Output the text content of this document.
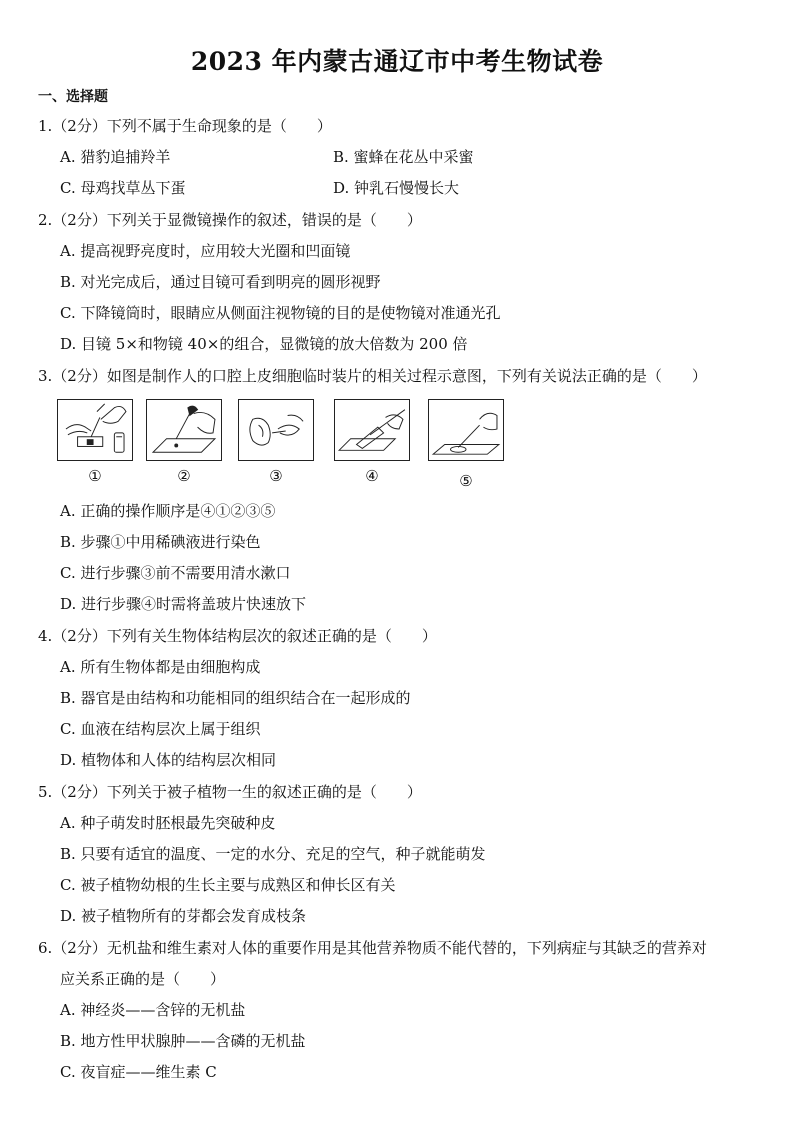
2023 年内蒙古通辽市中考生物试卷
一、选择题
1.（2分）下列不属于生命现象的是（　　）
A. 猎豹追捕羚羊	B. 蜜蜂在花丛中采蜜
C. 母鸡找草丛下蛋	D. 钟乳石慢慢长大
2.（2分）下列关于显微镜操作的叙述，错误的是（　　）
A. 提高视野亮度时，应用较大光圈和凹面镜
B. 对光完成后，通过目镜可看到明亮的圆形视野
C. 下降镜筒时，眼睛应从侧面注视物镜的目的是使物镜对准通光孔
D. 目镜 5×和物镜 40×的组合，显微镜的放大倍数为 200 倍
3.（2分）如图是制作人的口腔上皮细胞临时装片的相关过程示意图，下列有关说法正确的是（　　）
①	②	③	④	⑤
A. 正确的操作顺序是④①②③⑤
B. 步骤①中用稀碘液进行染色
C. 进行步骤③前不需要用清水漱口
D. 进行步骤④时需将盖玻片快速放下
4.（2分）下列有关生物体结构层次的叙述正确的是（　　）
A. 所有生物体都是由细胞构成
B. 器官是由结构和功能相同的组织结合在一起形成的
C. 血液在结构层次上属于组织
D. 植物体和人体的结构层次相同
5.（2分）下列关于被子植物一生的叙述正确的是（　　）
A. 种子萌发时胚根最先突破种皮
B. 只要有适宜的温度、一定的水分、充足的空气，种子就能萌发
C. 被子植物幼根的生长主要与成熟区和伸长区有关
D. 被子植物所有的芽都会发育成枝条
6.（2分）无机盐和维生素对人体的重要作用是其他营养物质不能代替的，下列病症与其缺乏的营养对
应关系正确的是（　　）
A. 神经炎——含锌的无机盐
B. 地方性甲状腺肿——含磷的无机盐
C. 夜盲症——维生素 C
